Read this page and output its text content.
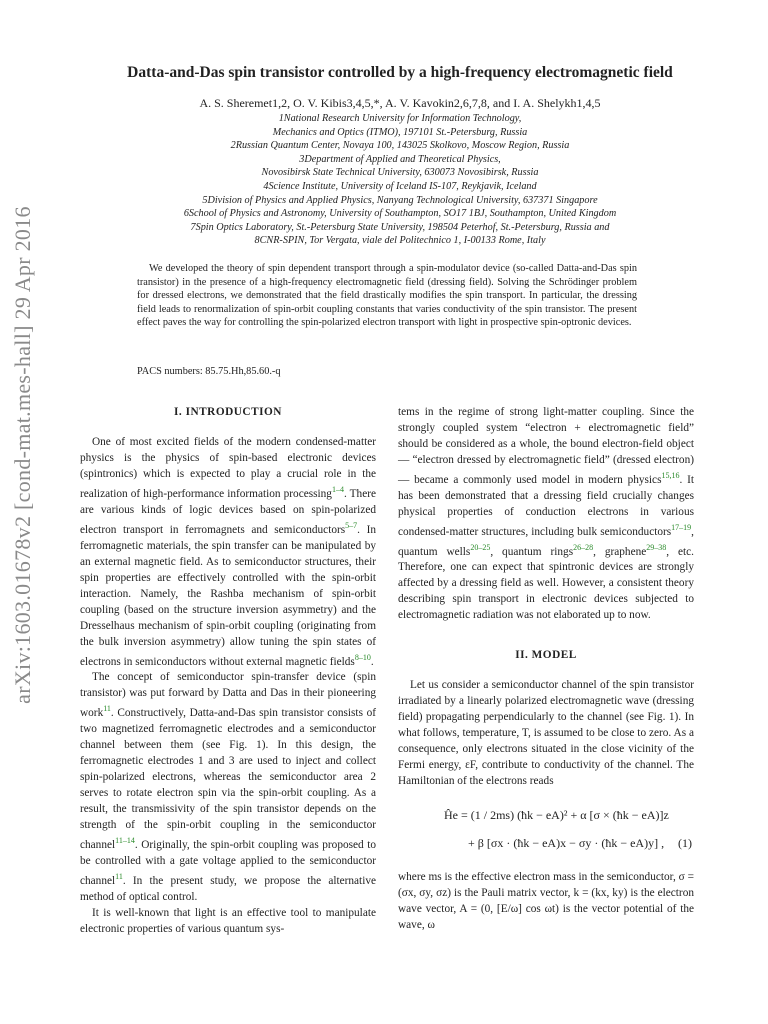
arXiv:1603.01678v2 [cond-mat.mes-hall] 29 Apr 2016
Datta-and-Das spin transistor controlled by a high-frequency electromagnetic field

A. S. Sheremet1,2, O. V. Kibis3,4,5,*, A. V. Kavokin2,6,7,8, and I. A. Shelykh1,4,5

1National Research University for Information Technology,
Mechanics and Optics (ITMO), 197101 St.-Petersburg, Russia
2Russian Quantum Center, Novaya 100, 143025 Skolkovo, Moscow Region, Russia
3Department of Applied and Theoretical Physics,
Novosibirsk State Technical University, 630073 Novosibirsk, Russia
4Science Institute, University of Iceland IS-107, Reykjavik, Iceland
5Division of Physics and Applied Physics, Nanyang Technological University, 637371 Singapore
6School of Physics and Astronomy, University of Southampton, SO17 1BJ, Southampton, United Kingdom
7Spin Optics Laboratory, St.-Petersburg State University, 198504 Peterhof, St.-Petersburg, Russia and
8CNR-SPIN, Tor Vergata, viale del Politechnico 1, I-00133 Rome, Italy

We developed the theory of spin dependent transport through a spin-modulator device (so-called Datta-and-Das spin transistor) in the presence of a high-frequency electromagnetic field (dressing field). Solving the Schrödinger problem for dressed electrons, we demonstrated that the field drastically modifies the spin transport. In particular, the dressing field leads to renormalization of spin-orbit coupling constants that varies conductivity of the spin transistor. The present effect paves the way for controlling the spin-polarized electron transport with light in prospective spin-optronic devices.

PACS numbers: 85.75.Hh,85.60.-q

I. INTRODUCTION

One of most excited fields of the modern condensed-matter physics is the physics of spin-based electronic devices (spintronics) which is expected to play a crucial role in the realization of high-performance information processing$^{1-4}$. There are various kinds of logic devices based on spin-polarized electron transport in ferromagnets and semiconductors$^{5-7}$. In ferromagnetic materials, the spin transfer can be manipulated by an external magnetic field. As to semiconductor structures, their spin properties are effectively controlled with the spin-orbit interaction. Namely, the Rashba mechanism of spin-orbit coupling (based on the structure inversion asymmetry) and the Dresselhaus mechanism of spin-orbit coupling (originating from the bulk inversion asymmetry) allow tuning the spin states of electrons in semiconductors without external magnetic fields$^{8-10}$.

The concept of semiconductor spin-transfer device (spin transistor) was put forward by Datta and Das in their pioneering work$^{11}$. Constructively, Datta-and-Das spin transistor consists of two magnetized ferromagnetic electrodes and a semiconductor channel between them (see Fig. 1). In this design, the ferromagnetic electrodes 1 and 3 are used to inject and collect spin-polarized electrons, whereas the semiconductor area 2 serves to rotate electron spin via the spin-orbit coupling. As a result, the transmissivity of the spin transistor depends on the strength of the spin-orbit coupling in the semiconductor channel$^{11-14}$. Originally, the spin-orbit coupling was proposed to be controlled with a gate voltage applied to the semiconductor channel$^{11}$. In the present study, we propose the alternative method of optical control.

It is well-known that light is an effective tool to manipulate electronic properties of various quantum sys-

tems in the regime of strong light-matter coupling. Since the strongly coupled system “electron + electromagnetic field” should be considered as a whole, the bound electron-field object — “electron dressed by electromagnetic field” (dressed electron) — became a commonly used model in modern physics$^{15,16}$. It has been demonstrated that a dressing field crucially changes physical properties of conduction electrons in various condensed-matter structures, including bulk semiconductors$^{17-19}$, quantum wells$^{20-25}$, quantum rings$^{26-28}$, graphene$^{29-38}$, etc. Therefore, one can expect that spintronic devices are strongly affected by a dressing field as well. However, a consistent theory describing spin transport in electronic devices subjected to electromagnetic radiation was not elaborated up to now.

II. MODEL

Let us consider a semiconductor channel of the spin transistor irradiated by a linearly polarized electromagnetic wave (dressing field) propagating perpendicularly to the channel (see Fig. 1). In what follows, temperature, T, is assumed to be close to zero. As a consequence, only electrons situated in the close vicinity of the Fermi energy, εF, contribute to conductivity of the channel. The Hamiltonian of the electrons reads

Ĥe = (1 / 2ms) (ħk − eA)² + α [σ × (ħk − eA)]z
+ β [σx · (ħk − eA)x − σy · (ħk − eA)y] , (1)

where ms is the effective electron mass in the semiconductor, σ = (σx, σy, σz) is the Pauli matrix vector, k = (kx, ky) is the electron wave vector, A = (0, [E/ω] cos ωt) is the vector potential of the wave, ω
